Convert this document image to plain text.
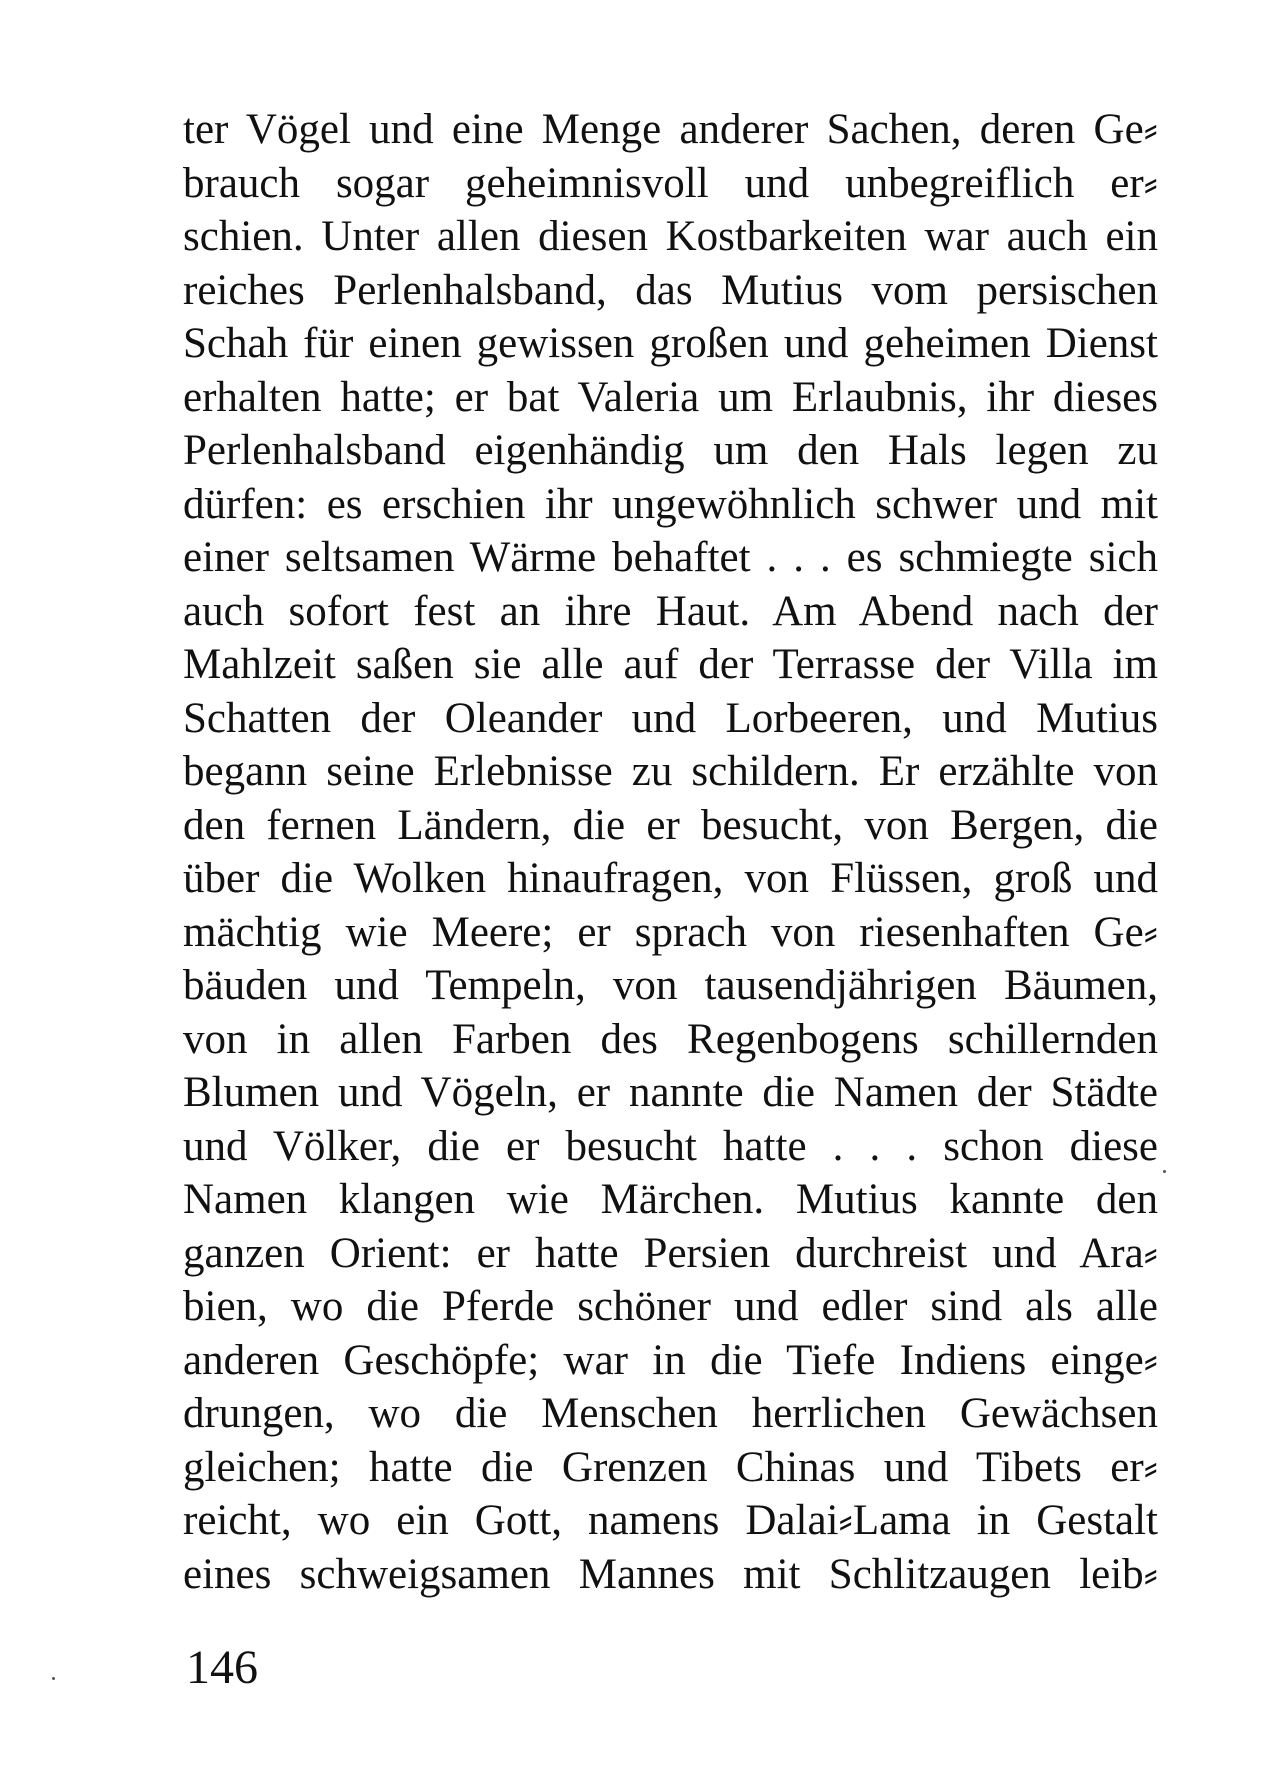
ter Vögel und eine Menge anderer Sachen, deren Ge⸗
brauch sogar geheimnisvoll und unbegreiflich er⸗
schien. Unter allen diesen Kostbarkeiten war auch ein
reiches Perlenhalsband, das Mutius vom persischen
Schah für einen gewissen großen und geheimen Dienst
erhalten hatte; er bat Valeria um Erlaubnis, ihr dieses
Perlenhalsband eigenhändig um den Hals legen zu
dürfen: es erschien ihr ungewöhnlich schwer und mit
einer seltsamen Wärme behaftet . . . es schmiegte sich
auch sofort fest an ihre Haut. Am Abend nach der
Mahlzeit saßen sie alle auf der Terrasse der Villa im
Schatten der Oleander und Lorbeeren, und Mutius
begann seine Erlebnisse zu schildern. Er erzählte von
den fernen Ländern, die er besucht, von Bergen, die
über die Wolken hinaufragen, von Flüssen, groß und
mächtig wie Meere; er sprach von riesenhaften Ge⸗
bäuden und Tempeln, von tausendjährigen Bäumen,
von in allen Farben des Regenbogens schillernden
Blumen und Vögeln, er nannte die Namen der Städte
und Völker, die er besucht hatte . . . schon diese
Namen klangen wie Märchen. Mutius kannte den
ganzen Orient: er hatte Persien durchreist und Ara⸗
bien, wo die Pferde schöner und edler sind als alle
anderen Geschöpfe; war in die Tiefe Indiens einge⸗
drungen, wo die Menschen herrlichen Gewächsen
gleichen; hatte die Grenzen Chinas und Tibets er⸗
reicht, wo ein Gott, namens Dalai⸗Lama in Gestalt
eines schweigsamen Mannes mit Schlitzaugen leib⸗
146
